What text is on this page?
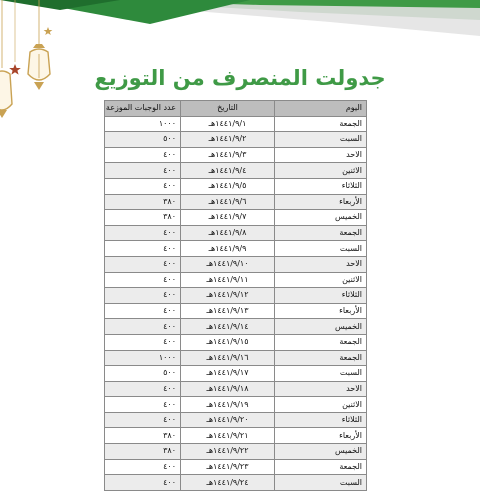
جدولت المنصرف من التوزيع
اليوم	التاريخ	عدد الوجبات الموزعة
الجمعة	١٤٤١/٩/١هـ	١٠٠٠
السبت	١٤٤١/٩/٢هـ	٥٠٠
الاحد	١٤٤١/٩/٣هـ	٤٠٠
الاثنين	١٤٤١/٩/٤هـ	٤٠٠
الثلاثاء	١٤٤١/٩/٥هـ	٤٠٠
الأربعاء	١٤٤١/٩/٦هـ	٣٨٠
الخميس	١٤٤١/٩/٧هـ	٣٨٠
الجمعة	١٤٤١/٩/٨هـ	٤٠٠
السبت	١٤٤١/٩/٩هـ	٤٠٠
الاحد	١٤٤١/٩/١٠هـ	٤٠٠
الاثنين	١٤٤١/٩/١١هـ	٤٠٠
الثلاثاء	١٤٤١/٩/١٢هـ	٤٠٠
الأربعاء	١٤٤١/٩/١٣هـ	٤٠٠
الخميس	١٤٤١/٩/١٤هـ	٤٠٠
الجمعة	١٤٤١/٩/١٥هـ	٤٠٠
الجمعة	١٤٤١/٩/١٦هـ	١٠٠٠
السبت	١٤٤١/٩/١٧هـ	٥٠٠
الاحد	١٤٤١/٩/١٨هـ	٤٠٠
الاثنين	١٤٤١/٩/١٩هـ	٤٠٠
الثلاثاء	١٤٤١/٩/٢٠هـ	٤٠٠
الأربعاء	١٤٤١/٩/٢١هـ	٣٨٠
الخميس	١٤٤١/٩/٢٢هـ	٣٨٠
الجمعة	١٤٤١/٩/٢٣هـ	٤٠٠
السبت	١٤٤١/٩/٢٤هـ	٤٠٠
